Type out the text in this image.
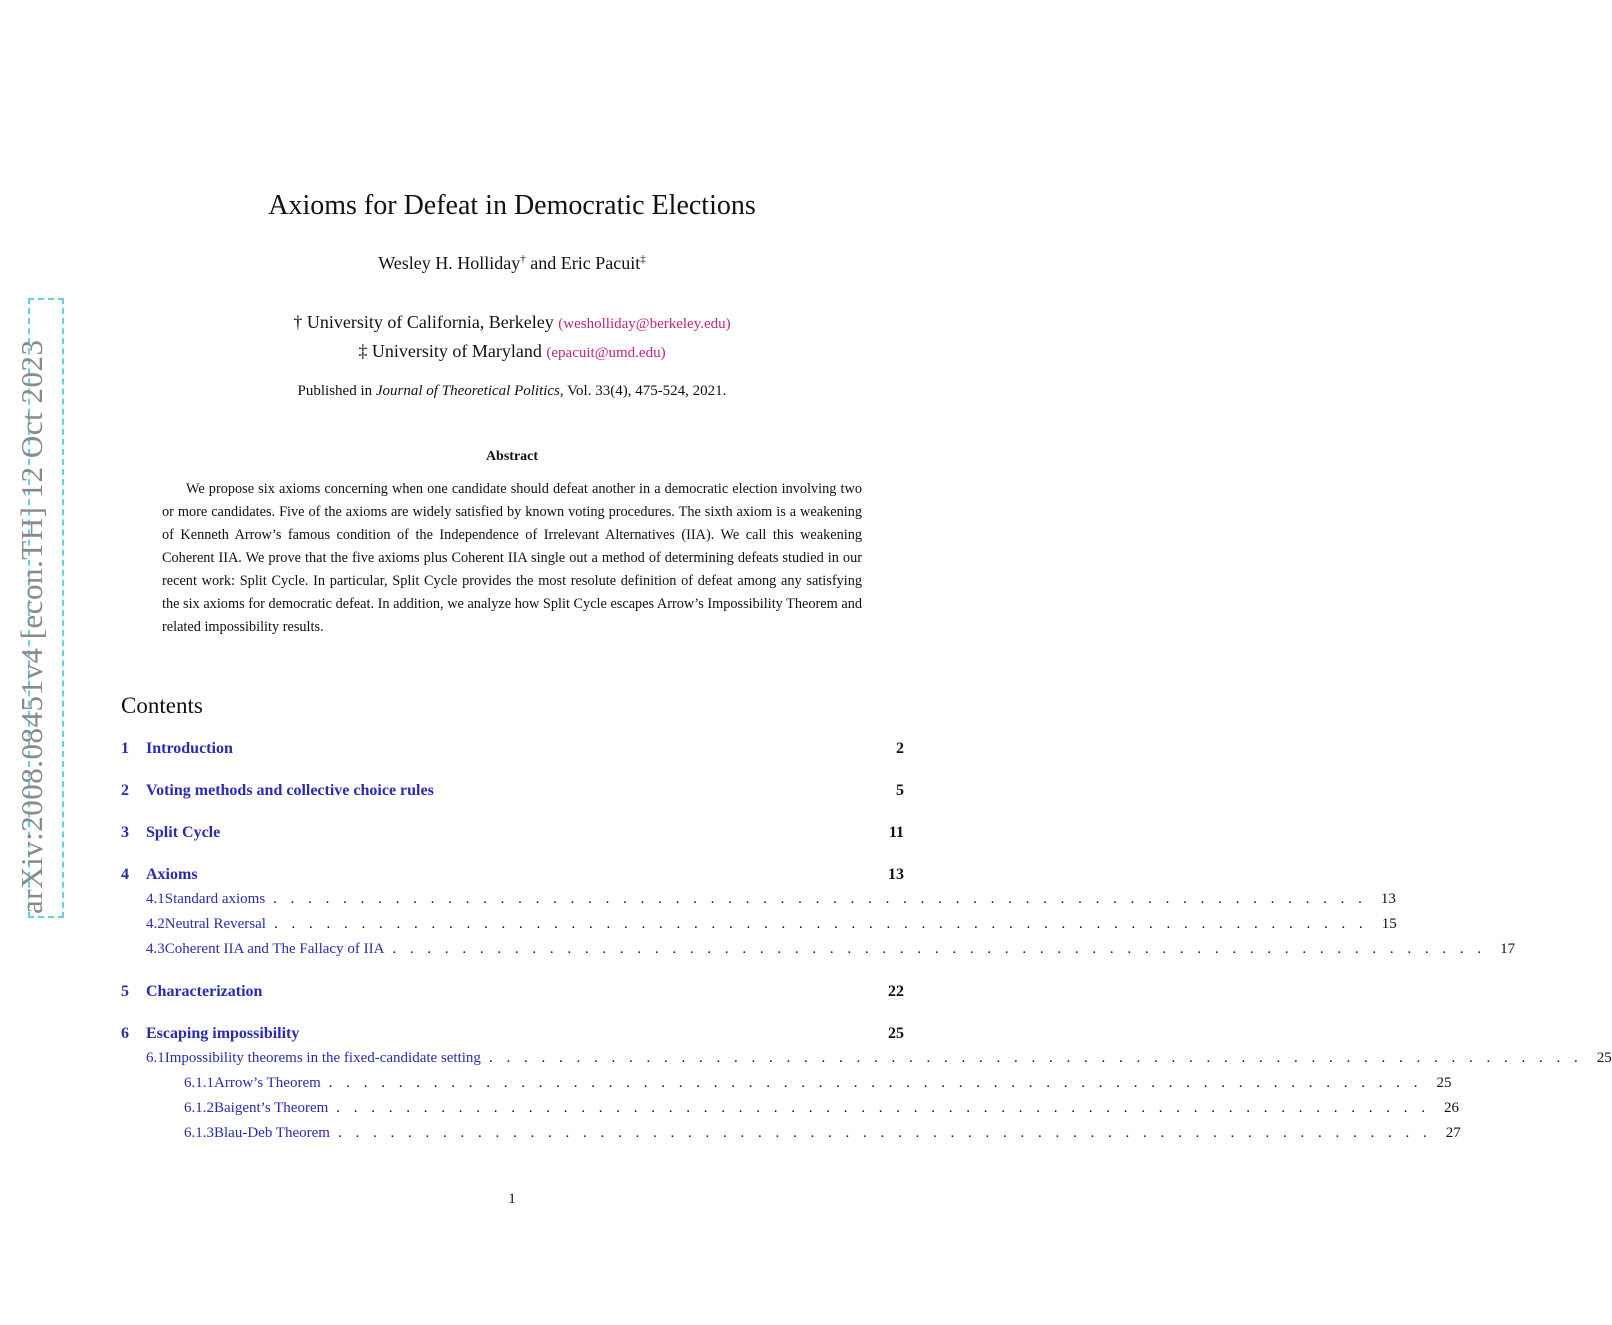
arXiv:2008.08451v4 [econ.TH] 12 Oct 2023
Axioms for Defeat in Democratic Elections
Wesley H. Holliday† and Eric Pacuit‡
† University of California, Berkeley (wesholliday@berkeley.edu)
‡ University of Maryland (epacuit@umd.edu)
Published in Journal of Theoretical Politics, Vol. 33(4), 475-524, 2021.
Abstract
We propose six axioms concerning when one candidate should defeat another in a democratic election involving two or more candidates. Five of the axioms are widely satisfied by known voting procedures. The sixth axiom is a weakening of Kenneth Arrow’s famous condition of the Independence of Irrelevant Alternatives (IIA). We call this weakening Coherent IIA. We prove that the five axioms plus Coherent IIA single out a method of determining defeats studied in our recent work: Split Cycle. In particular, Split Cycle provides the most resolute definition of defeat among any satisfying the six axioms for democratic defeat. In addition, we analyze how Split Cycle escapes Arrow’s Impossibility Theorem and related impossibility results.
Contents
1	Introduction	2
2	Voting methods and collective choice rules	5
3	Split Cycle	11
4	Axioms	13
4.1 Standard axioms . . . . . . . . . . . . . . . . . . . . . . . . . . . . . . . . . . . . . . . . . . . . . . . . . . . . . . . . . . . . . . . 13
4.2 Neutral Reversal . . . . . . . . . . . . . . . . . . . . . . . . . . . . . . . . . . . . . . . . . . . . . . . . . . . . . . . . . . . . . . . 15
4.3 Coherent IIA and The Fallacy of IIA . . . . . . . . . . . . . . . . . . . . . . . . . . . . . . . . . . . . . . . . . . . . . . . . . . . . . . . . . . . . . . . 17
5	Characterization	22
6	Escaping impossibility	25
6.1 Impossibility theorems in the fixed-candidate setting . . . . . . . . . . . . . . . . . . . . . . . . . . . . . . . . . . . . . . . . . . . . . . . . . . . . . . . . . . . . . . . 25
6.1.1 Arrow’s Theorem . . . . . . . . . . . . . . . . . . . . . . . . . . . . . . . . . . . . . . . . . . . . . . . . . . . . . . . . . . . . . . . 25
6.1.2 Baigent’s Theorem . . . . . . . . . . . . . . . . . . . . . . . . . . . . . . . . . . . . . . . . . . . . . . . . . . . . . . . . . . . . . . . 26
6.1.3 Blau-Deb Theorem . . . . . . . . . . . . . . . . . . . . . . . . . . . . . . . . . . . . . . . . . . . . . . . . . . . . . . . . . . . . . . . 27
1
